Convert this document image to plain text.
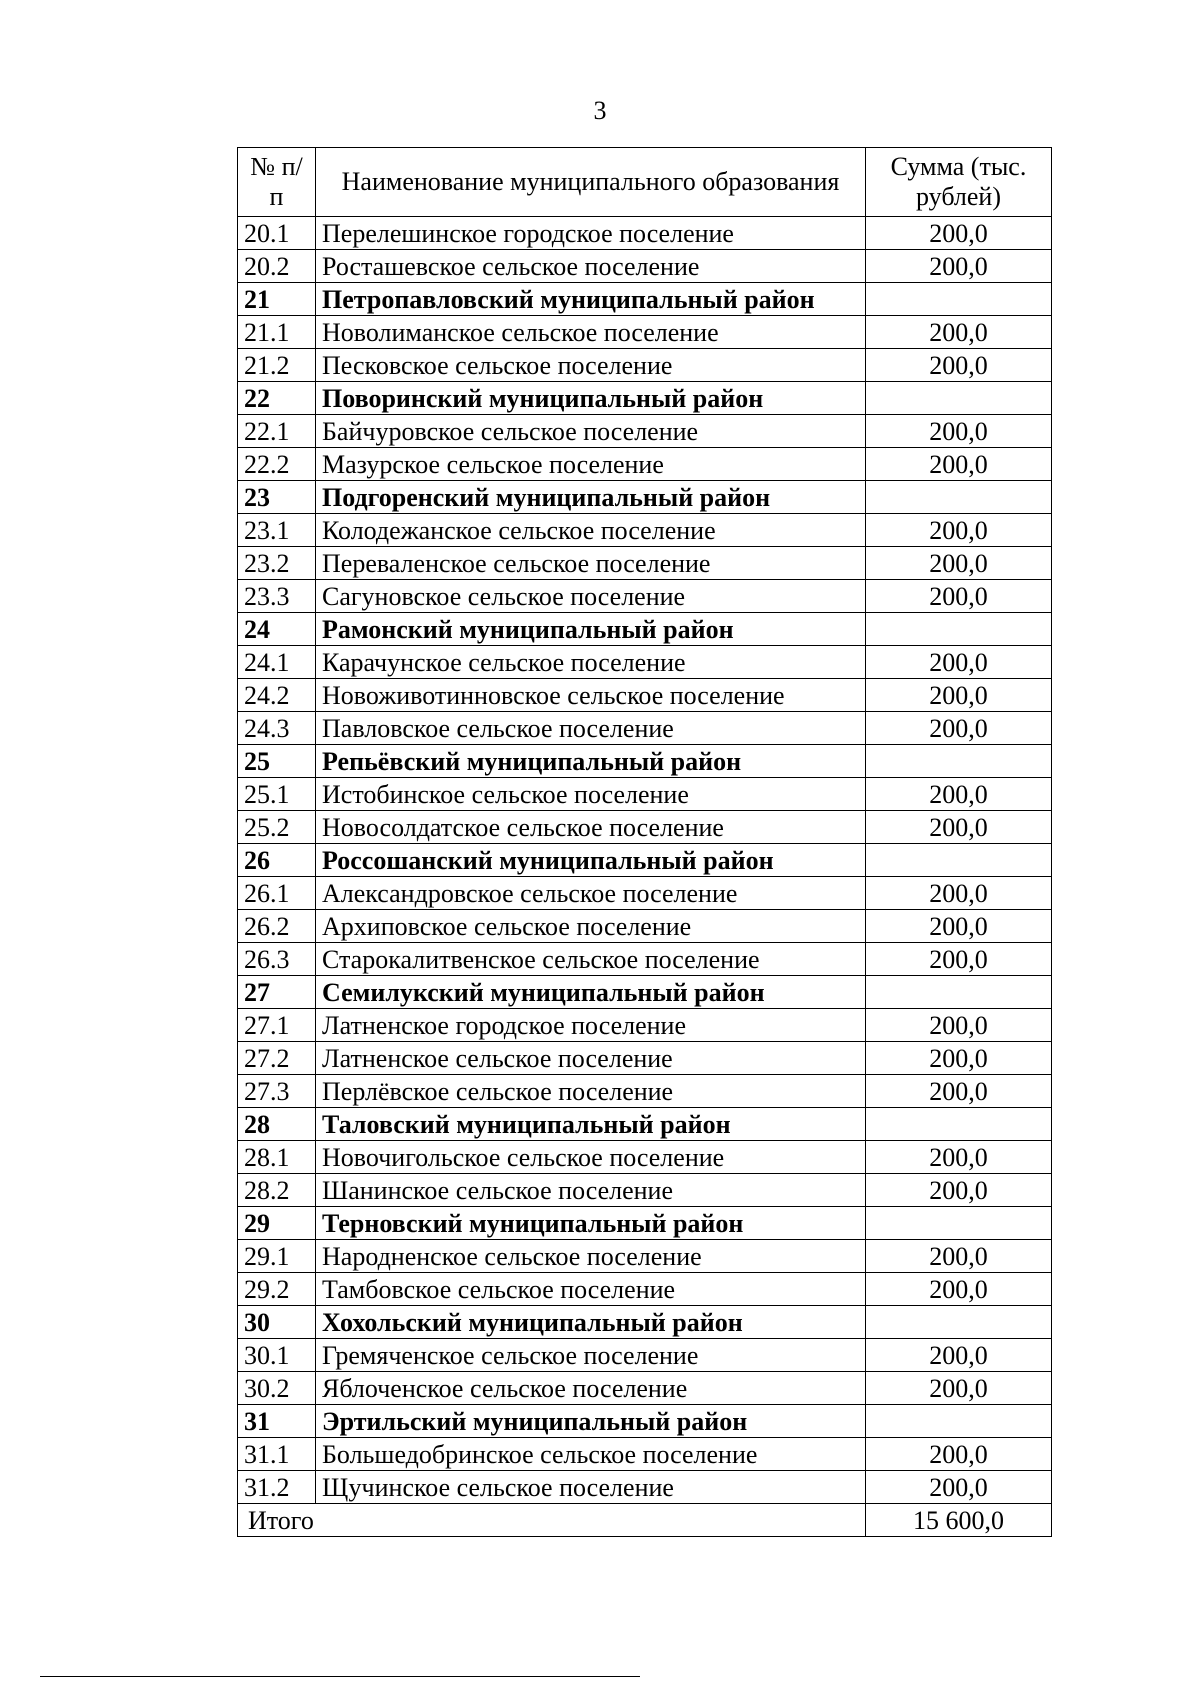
3
№ п/п	Наименование муниципального образования	Сумма (тыс. рублей)
20.1	Перелешинское городское поселение	200,0
20.2	Росташевское сельское поселение	200,0
21	Петропавловский муниципальный район	
21.1	Новолиманское сельское поселение	200,0
21.2	Песковское сельское поселение	200,0
22	Поворинский муниципальный район	
22.1	Байчуровское сельское поселение	200,0
22.2	Мазурское сельское поселение	200,0
23	Подгоренский муниципальный район	
23.1	Колодежанское сельское поселение	200,0
23.2	Переваленское сельское поселение	200,0
23.3	Сагуновское сельское поселение	200,0
24	Рамонский муниципальный район	
24.1	Карачунское сельское поселение	200,0
24.2	Новоживотинновское сельское поселение	200,0
24.3	Павловское сельское поселение	200,0
25	Репьёвский муниципальный район	
25.1	Истобинское сельское поселение	200,0
25.2	Новосолдатское сельское поселение	200,0
26	Россошанский муниципальный район	
26.1	Александровское сельское поселение	200,0
26.2	Архиповское сельское поселение	200,0
26.3	Старокалитвенское сельское поселение	200,0
27	Семилукский муниципальный район	
27.1	Латненское городское поселение	200,0
27.2	Латненское сельское поселение	200,0
27.3	Перлёвское сельское поселение	200,0
28	Таловский муниципальный район	
28.1	Новочигольское сельское поселение	200,0
28.2	Шанинское сельское поселение	200,0
29	Терновский муниципальный район	
29.1	Народненское сельское поселение	200,0
29.2	Тамбовское сельское поселение	200,0
30	Хохольский муниципальный район	
30.1	Гремяченское сельское поселение	200,0
30.2	Яблоченское сельское поселение	200,0
31	Эртильский муниципальный район	
31.1	Большедобринское сельское поселение	200,0
31.2	Щучинское сельское поселение	200,0
Итого		15 600,0
